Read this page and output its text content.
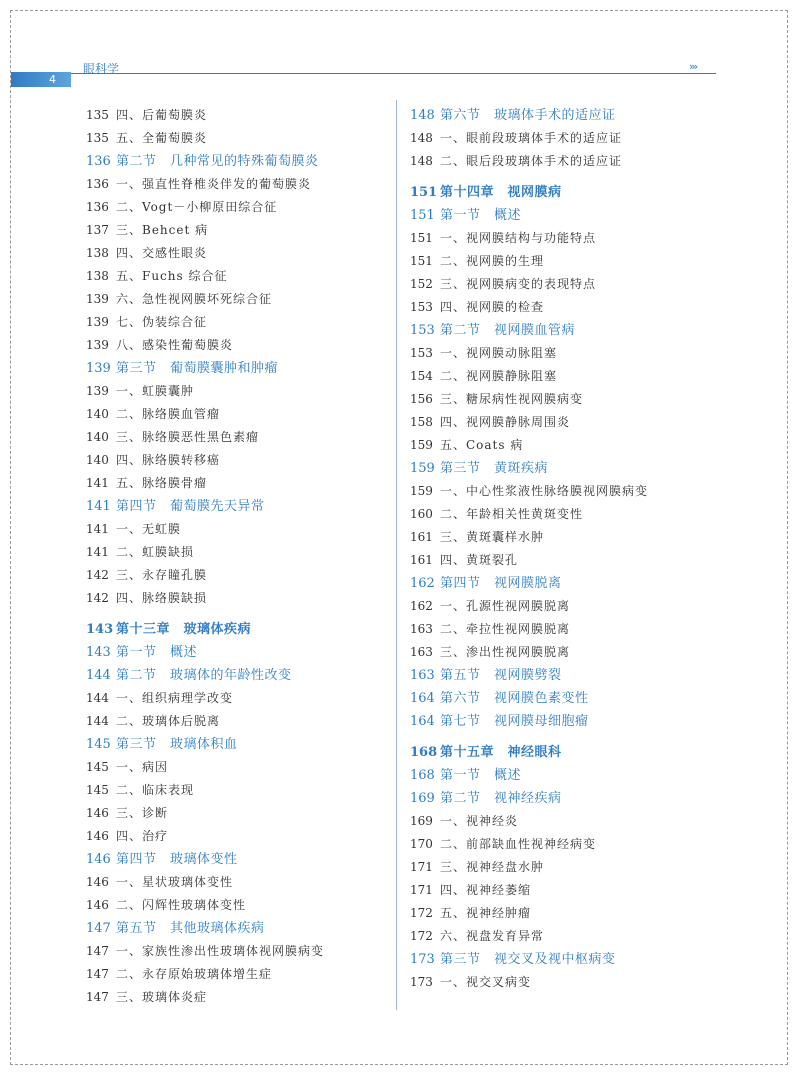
4
眼科学	›››
135 四、后葡萄膜炎
135 五、全葡萄膜炎
136 第二节　几种常见的特殊葡萄膜炎
136 一、强直性脊椎炎伴发的葡萄膜炎
136 二、Vogt－小柳原田综合征
137 三、Behcet 病
138 四、交感性眼炎
138 五、Fuchs 综合征
139 六、急性视网膜坏死综合征
139 七、伪装综合征
139 八、感染性葡萄膜炎
139 第三节　葡萄膜囊肿和肿瘤
139 一、虹膜囊肿
140 二、脉络膜血管瘤
140 三、脉络膜恶性黑色素瘤
140 四、脉络膜转移癌
141 五、脉络膜骨瘤
141 第四节　葡萄膜先天异常
141 一、无虹膜
141 二、虹膜缺损
142 三、永存瞳孔膜
142 四、脉络膜缺损
143 第十三章　玻璃体疾病
143 第一节　概述
144 第二节　玻璃体的年龄性改变
144 一、组织病理学改变
144 二、玻璃体后脱离
145 第三节　玻璃体积血
145 一、病因
145 二、临床表现
146 三、诊断
146 四、治疗
146 第四节　玻璃体变性
146 一、星状玻璃体变性
146 二、闪辉性玻璃体变性
147 第五节　其他玻璃体疾病
147 一、家族性渗出性玻璃体视网膜病变
147 二、永存原始玻璃体增生症
147 三、玻璃体炎症
148 第六节　玻璃体手术的适应证
148 一、眼前段玻璃体手术的适应证
148 二、眼后段玻璃体手术的适应证
151 第十四章　视网膜病
151 第一节　概述
151 一、视网膜结构与功能特点
151 二、视网膜的生理
152 三、视网膜病变的表现特点
153 四、视网膜的检查
153 第二节　视网膜血管病
153 一、视网膜动脉阻塞
154 二、视网膜静脉阻塞
156 三、糖尿病性视网膜病变
158 四、视网膜静脉周围炎
159 五、Coats 病
159 第三节　黄斑疾病
159 一、中心性浆液性脉络膜视网膜病变
160 二、年龄相关性黄斑变性
161 三、黄斑囊样水肿
161 四、黄斑裂孔
162 第四节　视网膜脱离
162 一、孔源性视网膜脱离
163 二、牵拉性视网膜脱离
163 三、渗出性视网膜脱离
163 第五节　视网膜劈裂
164 第六节　视网膜色素变性
164 第七节　视网膜母细胞瘤
168 第十五章　神经眼科
168 第一节　概述
169 第二节　视神经疾病
169 一、视神经炎
170 二、前部缺血性视神经病变
171 三、视神经盘水肿
171 四、视神经萎缩
172 五、视神经肿瘤
172 六、视盘发育异常
173 第三节　视交叉及视中枢病变
173 一、视交叉病变
